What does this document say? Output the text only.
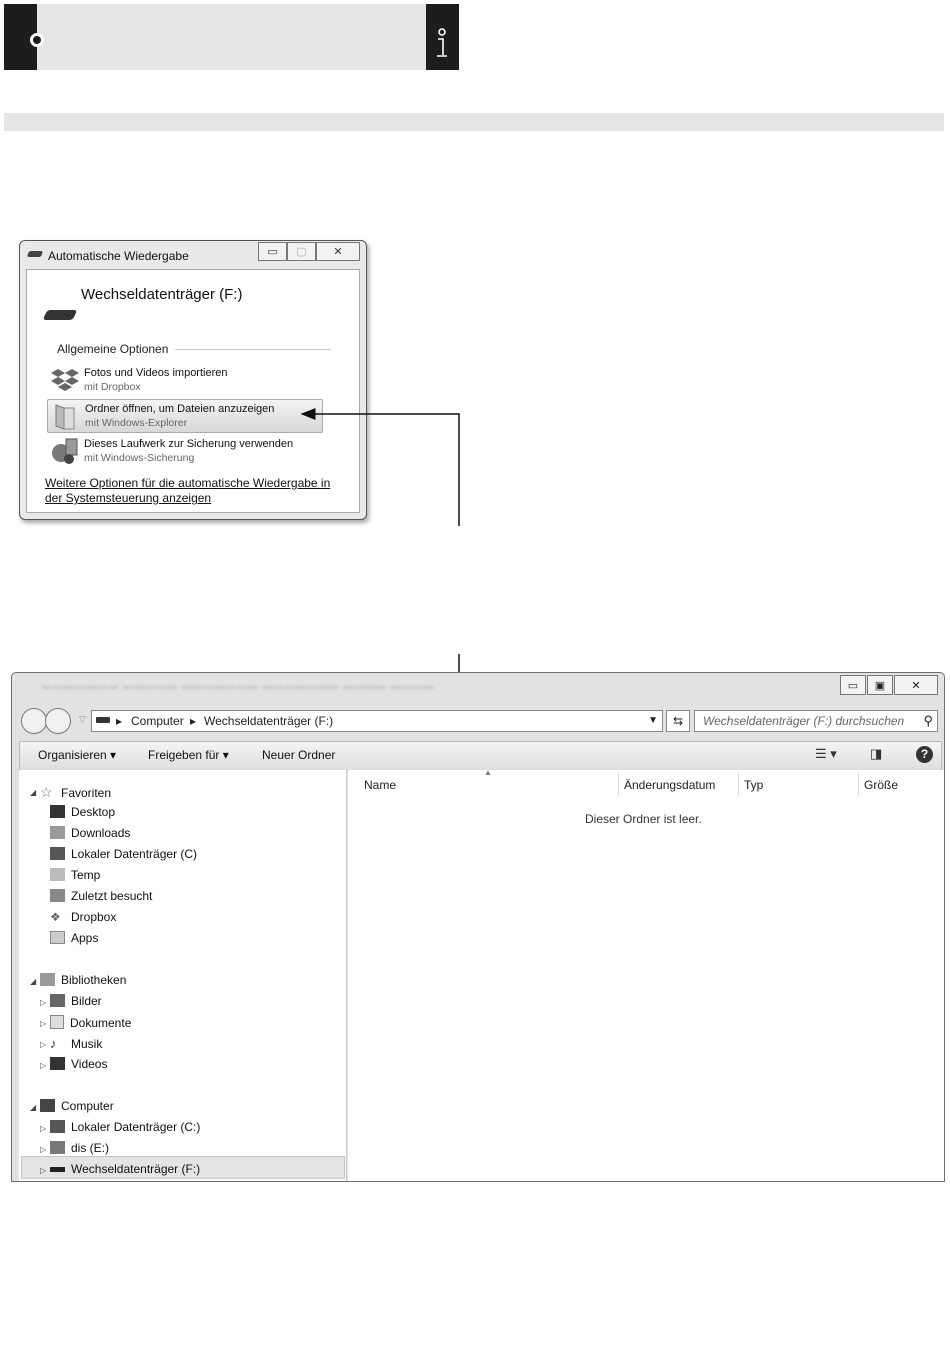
Automatische Wiedergabe	▭	▢	✕
Wechseldatenträger (F:)
Allgemeine Optionen
Fotos und Videos importieren
mit Dropbox
Ordner öffnen, um Dateien anzuzeigen
mit Windows-Explorer
Dieses Laufwerk zur Sicherung verwenden
mit Windows-Sicherung
Weitere Optionen für die automatische Wiedergabe in der Systemsteuerung anzeigen
▬▬▬▬▬▬▬ ▬▬▬▬▬ ▬▬▬▬▬▬▬ ▬▬▬▬▬▬▬ ▬▬▬▬ ▬▬▬▬	▭	▣	✕
▽	▸ Computer ▸ Wechseldatenträger (F:)	▼	⇆	Wechseldatenträger (F:) durchsuchen ⚲
Organisieren ▾	Freigeben für ▾	Neuer Ordner	☰ ▾	◨	?
◢ ☆ Favoriten
Desktop
Downloads
Lokaler Datenträger (C)
Temp
Zuletzt besucht
❖ Dropbox
Apps
◢	Bibliotheken
▷	Bilder
▷	Dokumente
▷ ♪ Musik
▷	Videos
◢	Computer
▷	Lokaler Datenträger (C:)
▷	dis (E:)
▷	Wechseldatenträger (F:)
▲
Name	Änderungsdatum Typ	Größe
Dieser Ordner ist leer.
